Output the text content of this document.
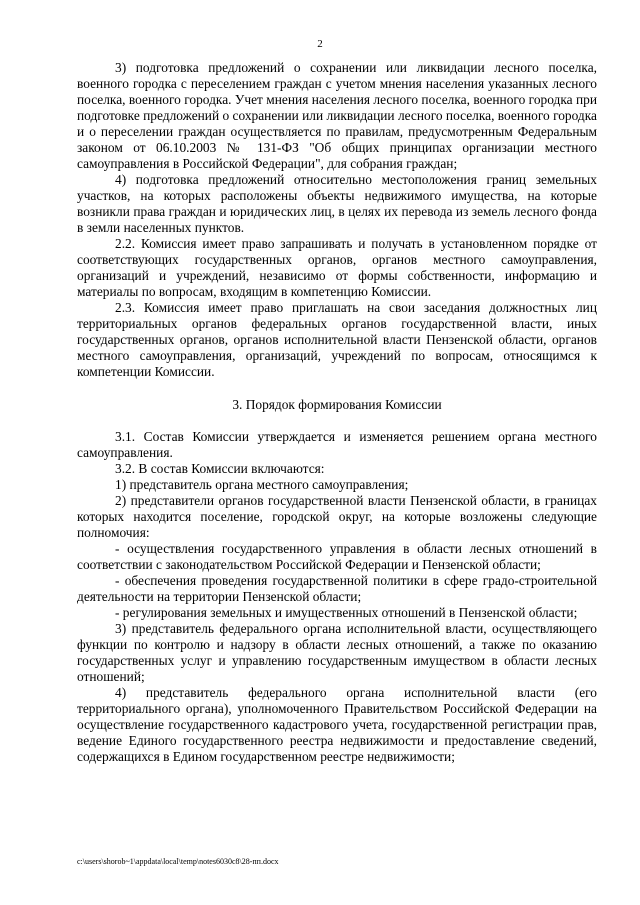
2

3) подготовка предложений о сохранении или ликвидации лесного поселка, военного городка с переселением граждан с учетом мнения населения указанных лесного поселка, военного городка. Учет мнения населения лесного поселка, военного городка при подготовке предложений о сохранении или ликвидации лесного поселка, военного городка и о переселении граждан осуществляется по правилам, предусмотренным Федеральным законом от 06.10.2003 № 131-ФЗ "Об общих принципах организации местного самоуправления в Российской Федерации", для собрания граждан;

4) подготовка предложений относительно местоположения границ земельных участков, на которых расположены объекты недвижимого имущества, на которые возникли права граждан и юридических лиц, в целях их перевода из земель лесного фонда в земли населенных пунктов.

2.2. Комиссия имеет право запрашивать и получать в установленном порядке от соответствующих государственных органов, органов местного самоуправления, организаций и учреждений, независимо от формы собственности, информацию и материалы по вопросам, входящим в компетенцию Комиссии.

2.3. Комиссия имеет право приглашать на свои заседания должностных лиц территориальных органов федеральных органов государственной власти, иных государственных органов, органов исполнительной власти Пензенской области, органов местного самоуправления, организаций, учреждений по вопросам, относящимся к компетенции Комиссии.

3. Порядок формирования Комиссии

3.1. Состав Комиссии утверждается и изменяется решением органа местного самоуправления.

3.2. В состав Комиссии включаются:

1) представитель органа местного самоуправления;

2) представители органов государственной власти Пензенской области, в границах которых находится поселение, городской округ, на которые возложены следующие полномочия:

- осуществления государственного управления в области лесных отношений в соответствии с законодательством Российской Федерации и Пензенской области;

- обеспечения проведения государственной политики в сфере градо-строительной деятельности на территории Пензенской области;

- регулирования земельных и имущественных отношений в Пензенской области;

3) представитель федерального органа исполнительной власти, осуществляющего функции по контролю и надзору в области лесных отношений, а также по оказанию государственных услуг и управлению государственным имуществом в области лесных отношений;

4) представитель федерального органа исполнительной власти (его территориального органа), уполномоченного Правительством Российской Федерации на осуществление государственного кадастрового учета, государственной регистрации прав, ведение Единого государственного реестра недвижимости и предоставление сведений, содержащихся в Едином государственном реестре недвижимости;

c:\users\shorob~1\appdata\local\temp\notes6030c8\28-пп.docx
